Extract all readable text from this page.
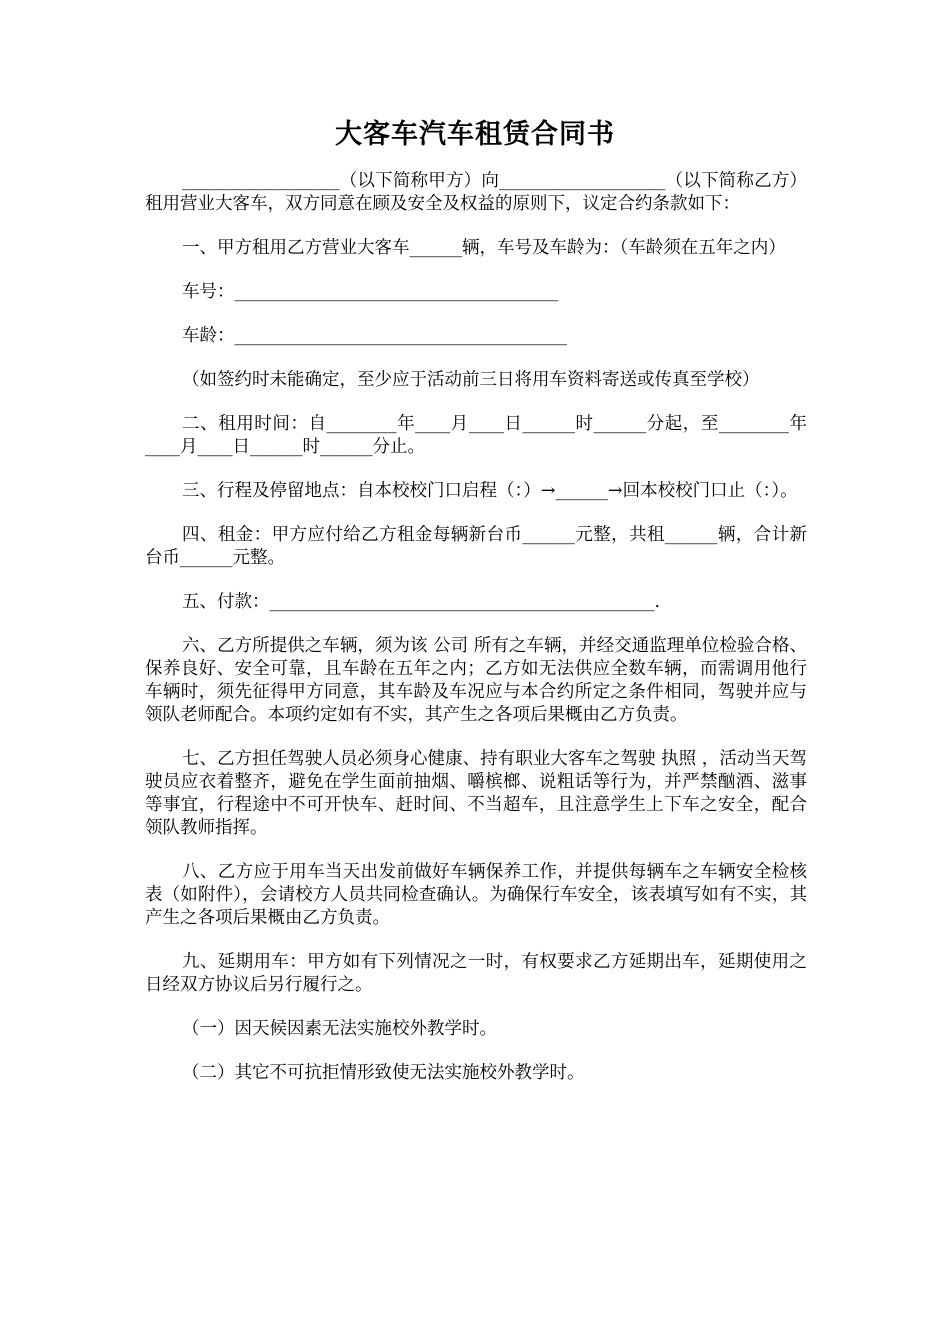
大客车汽车租赁合同书

__________________（以下简称甲方）向___________________（以下简称乙方）租用营业大客车，双方同意在顾及安全及权益的原则下，议定合约条款如下：

一、甲方租用乙方营业大客车______辆，车号及车龄为：（车龄须在五年之内）

车号：_____________________________________

车龄：______________________________________

（如签约时未能确定，至少应于活动前三日将用车资料寄送或传真至学校）

二、租用时间：自________年____月____日______时______分起，至________年____月____日______时______分止。

三、行程及停留地点：自本校校门口启程（：）→______→回本校校门口止（：）。

四、租金：甲方应付给乙方租金每辆新台币______元整，共租______辆，合计新台币______元整。

五、付款：____________________________________________.

六、乙方所提供之车辆，须为该 公司 所有之车辆，并经交通监理单位检验合格、保养良好、安全可靠，且车龄在五年之内；乙方如无法供应全数车辆，而需调用他行车辆时，须先征得甲方同意，其车龄及车况应与本合约所定之条件相同，驾驶并应与领队老师配合。本项约定如有不实，其产生之各项后果概由乙方负责。

七、乙方担任驾驶人员必须身心健康、持有职业大客车之驾驶 执照 ，活动当天驾驶员应衣着整齐，避免在学生面前抽烟、嚼槟榔、说粗话等行为，并严禁酗酒、滋事等事宜，行程途中不可开快车、赶时间、不当超车，且注意学生上下车之安全，配合领队教师指挥。

八、乙方应于用车当天出发前做好车辆保养工作，并提供每辆车之车辆安全检核表（如附件），会请校方人员共同检查确认。为确保行车安全，该表填写如有不实，其产生之各项后果概由乙方负责。

九、延期用车：甲方如有下列情况之一时，有权要求乙方延期出车，延期使用之日经双方协议后另行履行之。

（一）因天候因素无法实施校外教学时。

（二）其它不可抗拒情形致使无法实施校外教学时。
